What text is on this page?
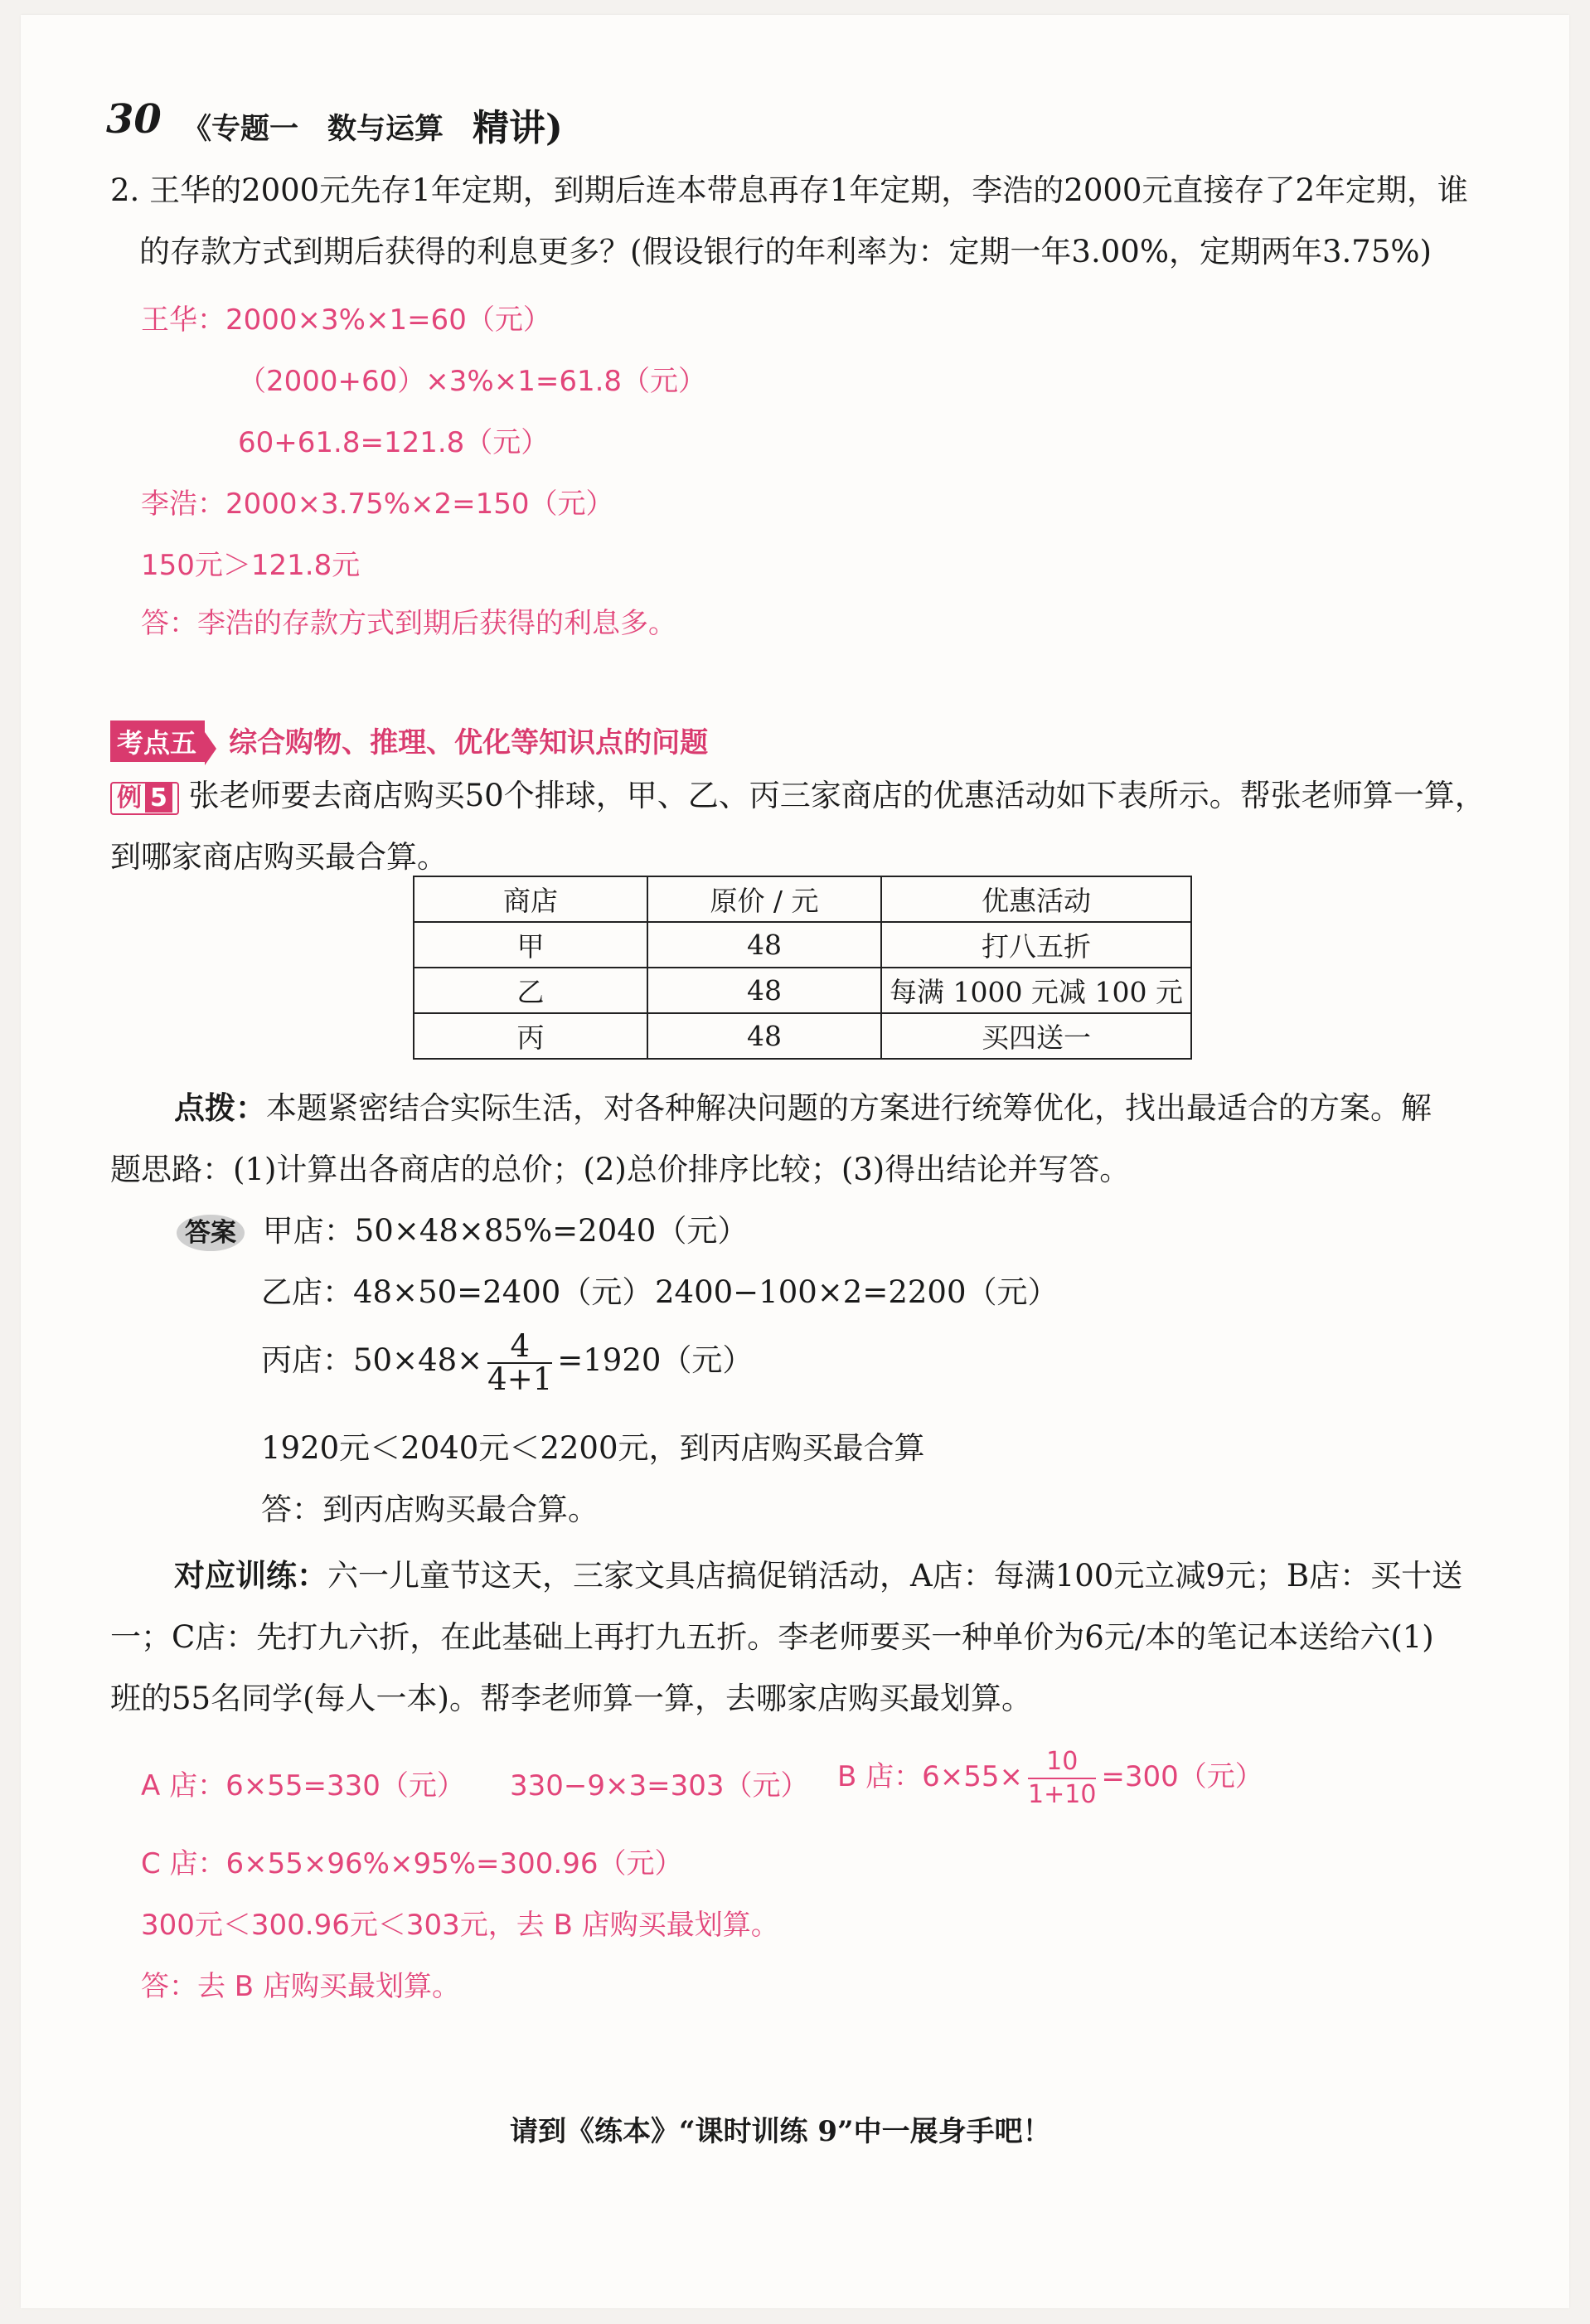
30 《专题一　数与运算 精讲)
2. 王华的2000元先存1年定期，到期后连本带息再存1年定期，李浩的2000元直接存了2年定期，谁
的存款方式到期后获得的利息更多？(假设银行的年利率为：定期一年3.00%，定期两年3.75%)
王华：2000×3%×1=60（元）
（2000+60）×3%×1=61.8（元）
60+61.8=121.8（元）
李浩：2000×3.75%×2=150（元）
150元＞121.8元
答：李浩的存款方式到期后获得的利息多。
考点五 综合购物、推理、优化等知识点的问题
例 5 张老师要去商店购买50个排球，甲、乙、丙三家商店的优惠活动如下表所示。帮张老师算一算，
到哪家商店购买最合算。
商店	原价 / 元	优惠活动
甲	48	打八五折
乙	48	每满 1000 元减 100 元
丙	48	买四送一
点拨：本题紧密结合实际生活，对各种解决问题的方案进行统筹优化，找出最适合的方案。解
题思路：(1)计算出各商店的总价；(2)总价排序比较；(3)得出结论并写答。
答案 甲店：50×48×85%=2040（元）
乙店：48×50=2400（元） 2400−100×2=2200（元）
丙店：$50\times 48\times \frac{4}{4+1} =1920$（元）
1920元＜2040元＜2200元，到丙店购买最合算
答：到丙店购买最合算。
对应训练：六一儿童节这天，三家文具店搞促销活动，A店：每满100元立减9元；B店：买十送
一；C店：先打九六折，在此基础上再打九五折。李老师要买一种单价为6元/本的笔记本送给六(1)
班的55名同学(每人一本)。帮李老师算一算，去哪家店购买最划算。
A 店：6×55=330（元） 330−9×3=303（元） B 店：$6\times 55\times \frac{10}{1+10} =300$（元）
C 店：6×55×96%×95%=300.96（元）
300元＜300.96元＜303元，去 B 店购买最划算。
答：去 B 店购买最划算。
请到《练本》“课时训练 9”中一展身手吧！
